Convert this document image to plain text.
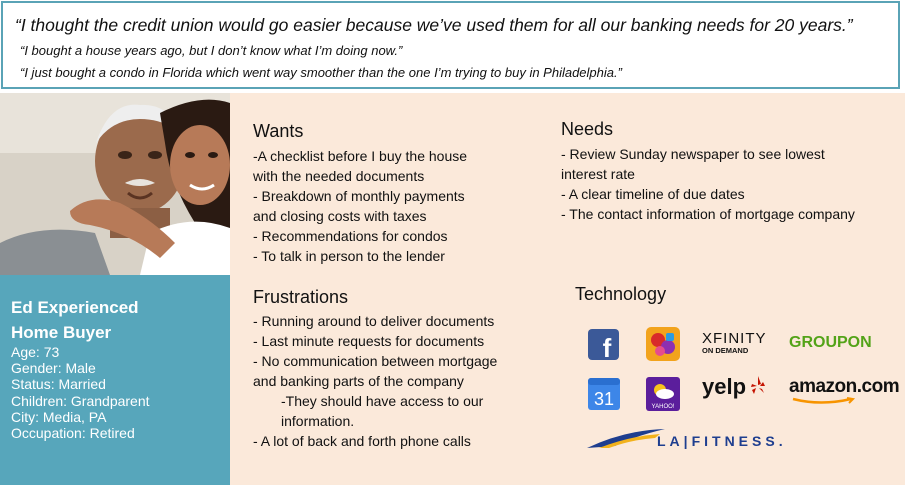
“I thought the credit union would go easier because we’ve used them for all our banking needs for 20 years.”
“I bought a house years ago, but I don’t know what I’m doing now.”
“I just bought a condo in Florida which went way smoother than the one I’m trying to buy in Philadelphia.”
Ed Experienced
Home Buyer
Age: 73
Gender: Male
Status: Married
Children: Grandparent
City: Media, PA
Occupation: Retired
Wants
-A checklist before I buy the house
with the needed documents
- Breakdown of monthly payments
and closing costs with taxes
- Recommendations for condos
- To talk in person to the lender
Needs
- Review Sunday newspaper to see lowest
interest rate
- A clear timeline of due dates
- The contact information of mortgage company
Frustrations
- Running around to deliver documents
- Last minute requests for documents
- No communication between mortgage
and banking parts of the company
-They should have access to our
information.
- A lot of back and forth phone calls
Technology
f	XFINITY
ON DEMAND	GROUPON
31	YAHOO!
yelp	amazon.com
LA|FITNESS.
